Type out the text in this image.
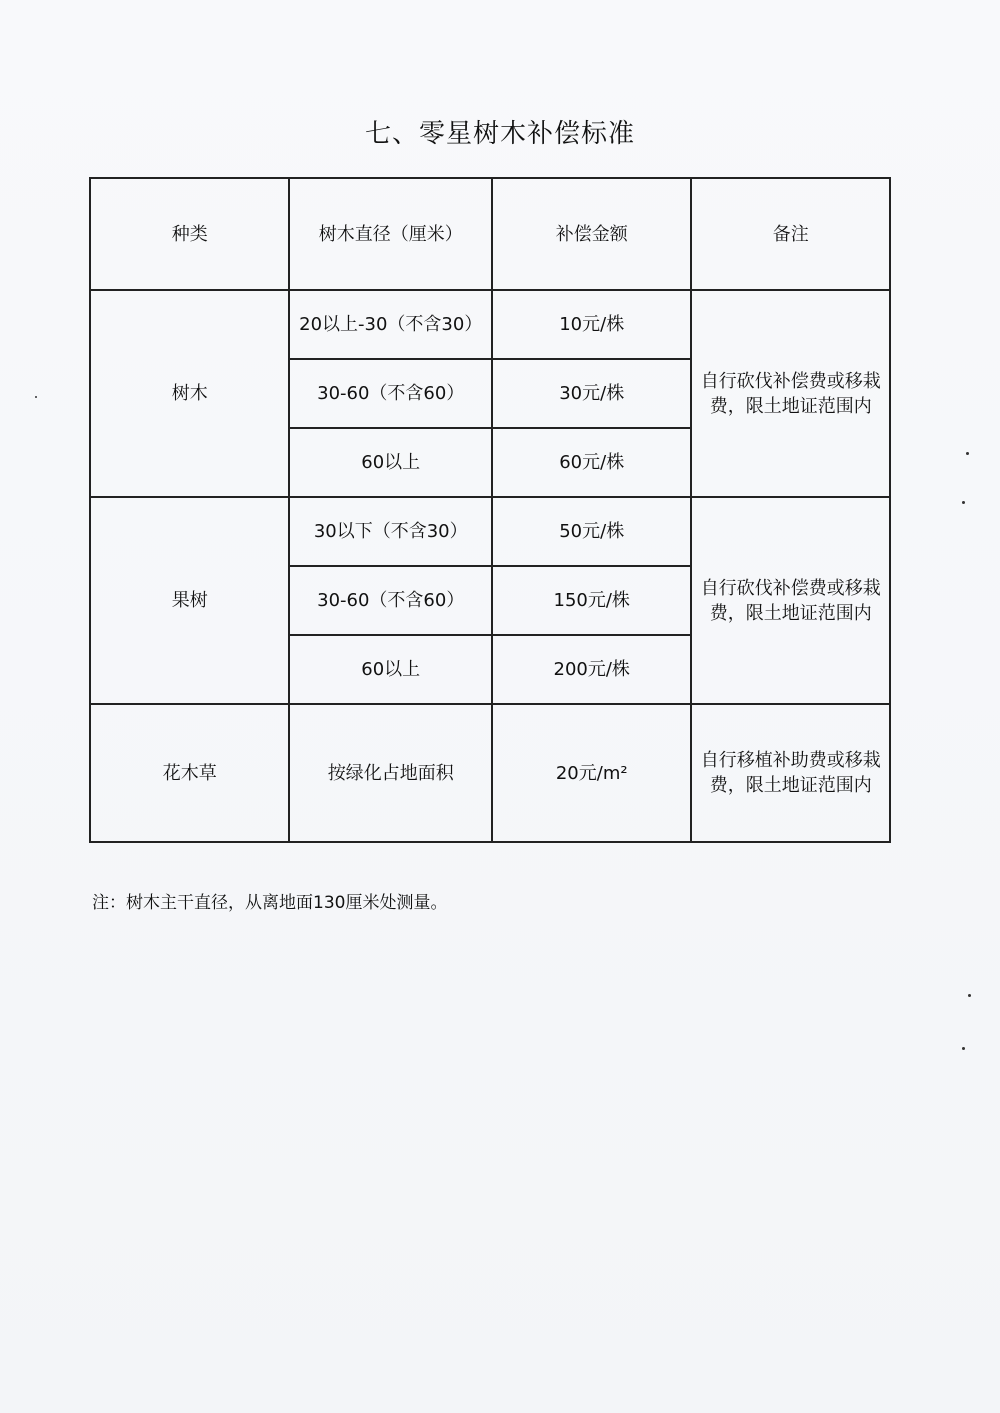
七、零星树木补偿标准
种类	树木直径（厘米）	补偿金额	备注
树木	20以上-30（不含30）	10元/株	自行砍伐补偿费或移栽费，限土地证范围内
	30-60（不含60）	30元/株	
	60以上	60元/株	
果树	30以下（不含30）	50元/株	自行砍伐补偿费或移栽费，限土地证范围内
	30-60（不含60）	150元/株	
	60以上	200元/株	
花木草	按绿化占地面积	20元/m²	自行移植补助费或移栽费，限土地证范围内
注：树木主干直径，从离地面130厘米处测量。
